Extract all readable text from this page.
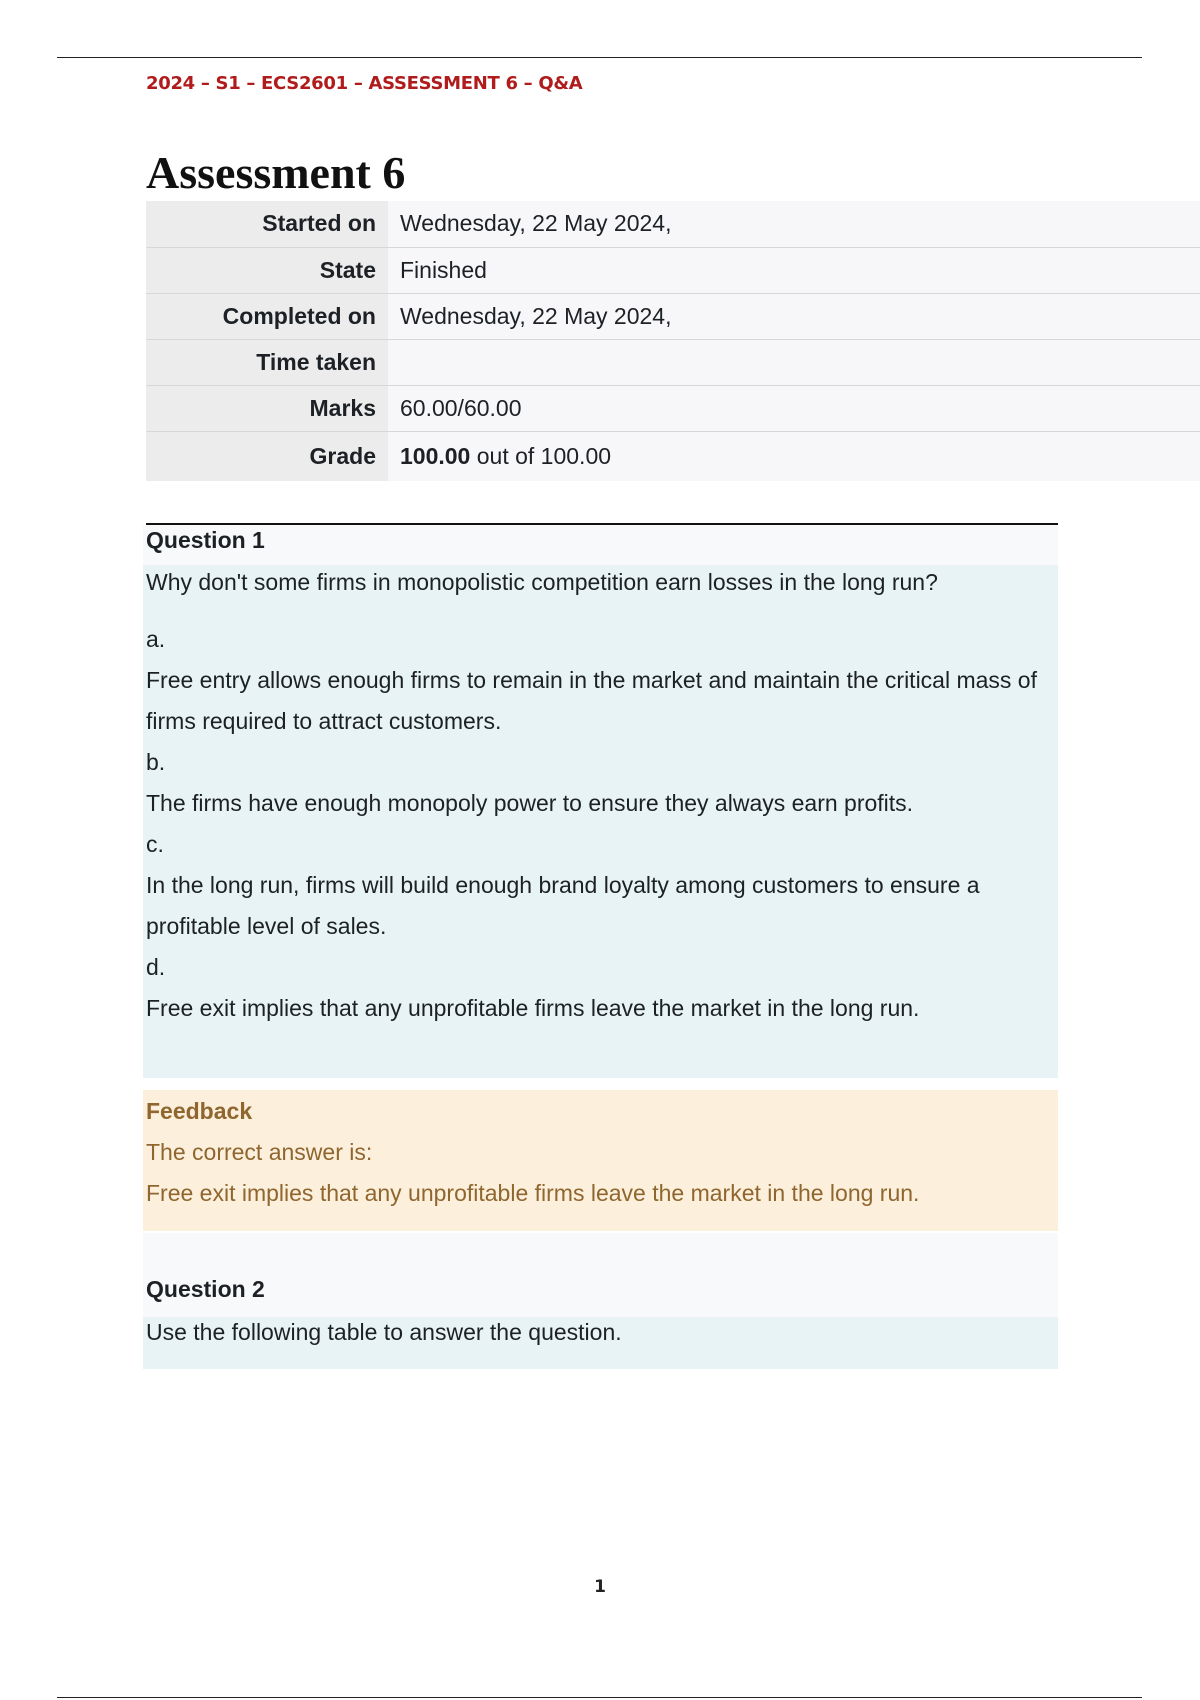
2024 – S1 – ECS2601 – ASSESSMENT 6 – Q&A
Assessment 6
Started on	Wednesday, 22 May 2024,
State	Finished
Completed on	Wednesday, 22 May 2024,
Time taken	
Marks	60.00/60.00
Grade	100.00 out of 100.00
Question 1

Why don't some firms in monopolistic competition earn losses in the long run?

a.

Free entry allows enough firms to remain in the market and maintain the critical mass of firms required to attract customers.

b.

The firms have enough monopoly power to ensure they always earn profits.

c.

In the long run, firms will build enough brand loyalty among customers to ensure a profitable level of sales.

d.

Free exit implies that any unprofitable firms leave the market in the long run.

Feedback

The correct answer is:

Free exit implies that any unprofitable firms leave the market in the long run.

Question 2
Use the following table to answer the question.
1
